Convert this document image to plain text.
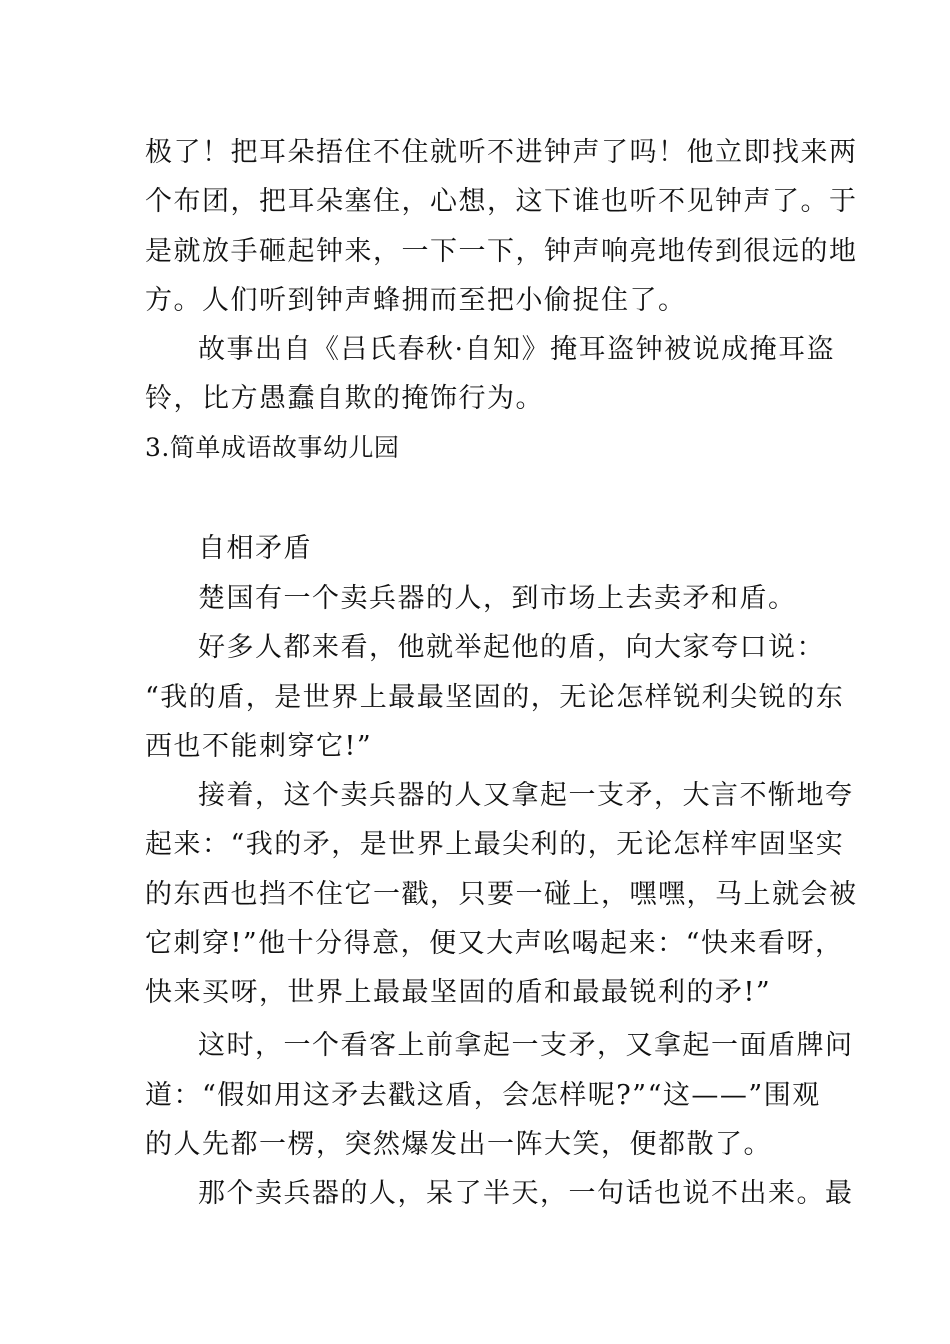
极了！把耳朵捂住不住就听不进钟声了吗！他立即找来两
个布团，把耳朵塞住，心想，这下谁也听不见钟声了。于
是就放手砸起钟来，一下一下，钟声响亮地传到很远的地
方。人们听到钟声蜂拥而至把小偷捉住了。
故事出自《吕氏春秋·自知》掩耳盗钟被说成掩耳盗
铃，比方愚蠢自欺的掩饰行为。
3.简单成语故事幼儿园
自相矛盾
楚国有一个卖兵器的人，到市场上去卖矛和盾。
好多人都来看，他就举起他的盾，向大家夸口说：
“我的盾，是世界上最最坚固的，无论怎样锐利尖锐的东
西也不能刺穿它!”
接着，这个卖兵器的人又拿起一支矛，大言不惭地夸
起来：“我的矛，是世界上最尖利的，无论怎样牢固坚实
的东西也挡不住它一戳，只要一碰上，嘿嘿，马上就会被
它刺穿!”他十分得意，便又大声吆喝起来：“快来看呀，
快来买呀，世界上最最坚固的盾和最最锐利的矛!”
这时，一个看客上前拿起一支矛，又拿起一面盾牌问
道：“假如用这矛去戳这盾，会怎样呢?”“这——”围观
的人先都一楞，突然爆发出一阵大笑，便都散了。
那个卖兵器的人，呆了半天，一句话也说不出来。最
